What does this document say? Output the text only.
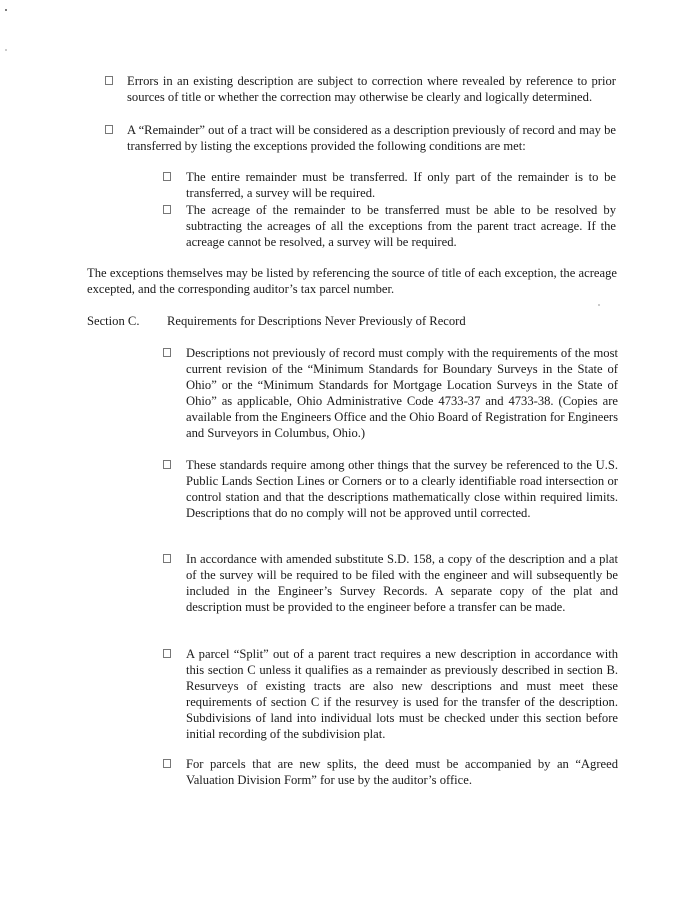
Errors in an existing description are subject to correction where revealed by reference to prior sources of title or whether the correction may otherwise be clearly and logically determined.
A “Remainder” out of a tract will be considered as a description previously of record and may be transferred by listing the exceptions provided the following conditions are met:
The entire remainder must be transferred. If only part of the remainder is to be transferred, a survey will be required.
The acreage of the remainder to be transferred must be able to be resolved by subtracting the acreages of all the exceptions from the parent tract acreage. If the acreage cannot be resolved, a survey will be required.
The exceptions themselves may be listed by referencing the source of title of each exception, the acreage excepted, and the corresponding auditor’s tax parcel number.
Section C.	Requirements for Descriptions Never Previously of Record
Descriptions not previously of record must comply with the requirements of the most current revision of the “Minimum Standards for Boundary Surveys in the State of Ohio” or the “Minimum Standards for Mortgage Location Surveys in the State of Ohio” as applicable, Ohio Administrative Code 4733-37 and 4733-38. (Copies are available from the Engineers Office and the Ohio Board of Registration for Engineers and Surveyors in Columbus, Ohio.)
These standards require among other things that the survey be referenced to the U.S. Public Lands Section Lines or Corners or to a clearly identifiable road intersection or control station and that the descriptions mathematically close within required limits. Descriptions that do no comply will not be approved until corrected.
In accordance with amended substitute S.D. 158, a copy of the description and a plat of the survey will be required to be filed with the engineer and will subsequently be included in the Engineer’s Survey Records. A separate copy of the plat and description must be provided to the engineer before a transfer can be made.
A parcel “Split” out of a parent tract requires a new description in accordance with this section C unless it qualifies as a remainder as previously described in section B. Resurveys of existing tracts are also new descriptions and must meet these requirements of section C if the resurvey is used for the transfer of the description. Subdivisions of land into individual lots must be checked under this section before initial recording of the subdivision plat.
For parcels that are new splits, the deed must be accompanied by an “Agreed Valuation Division Form” for use by the auditor’s office.
